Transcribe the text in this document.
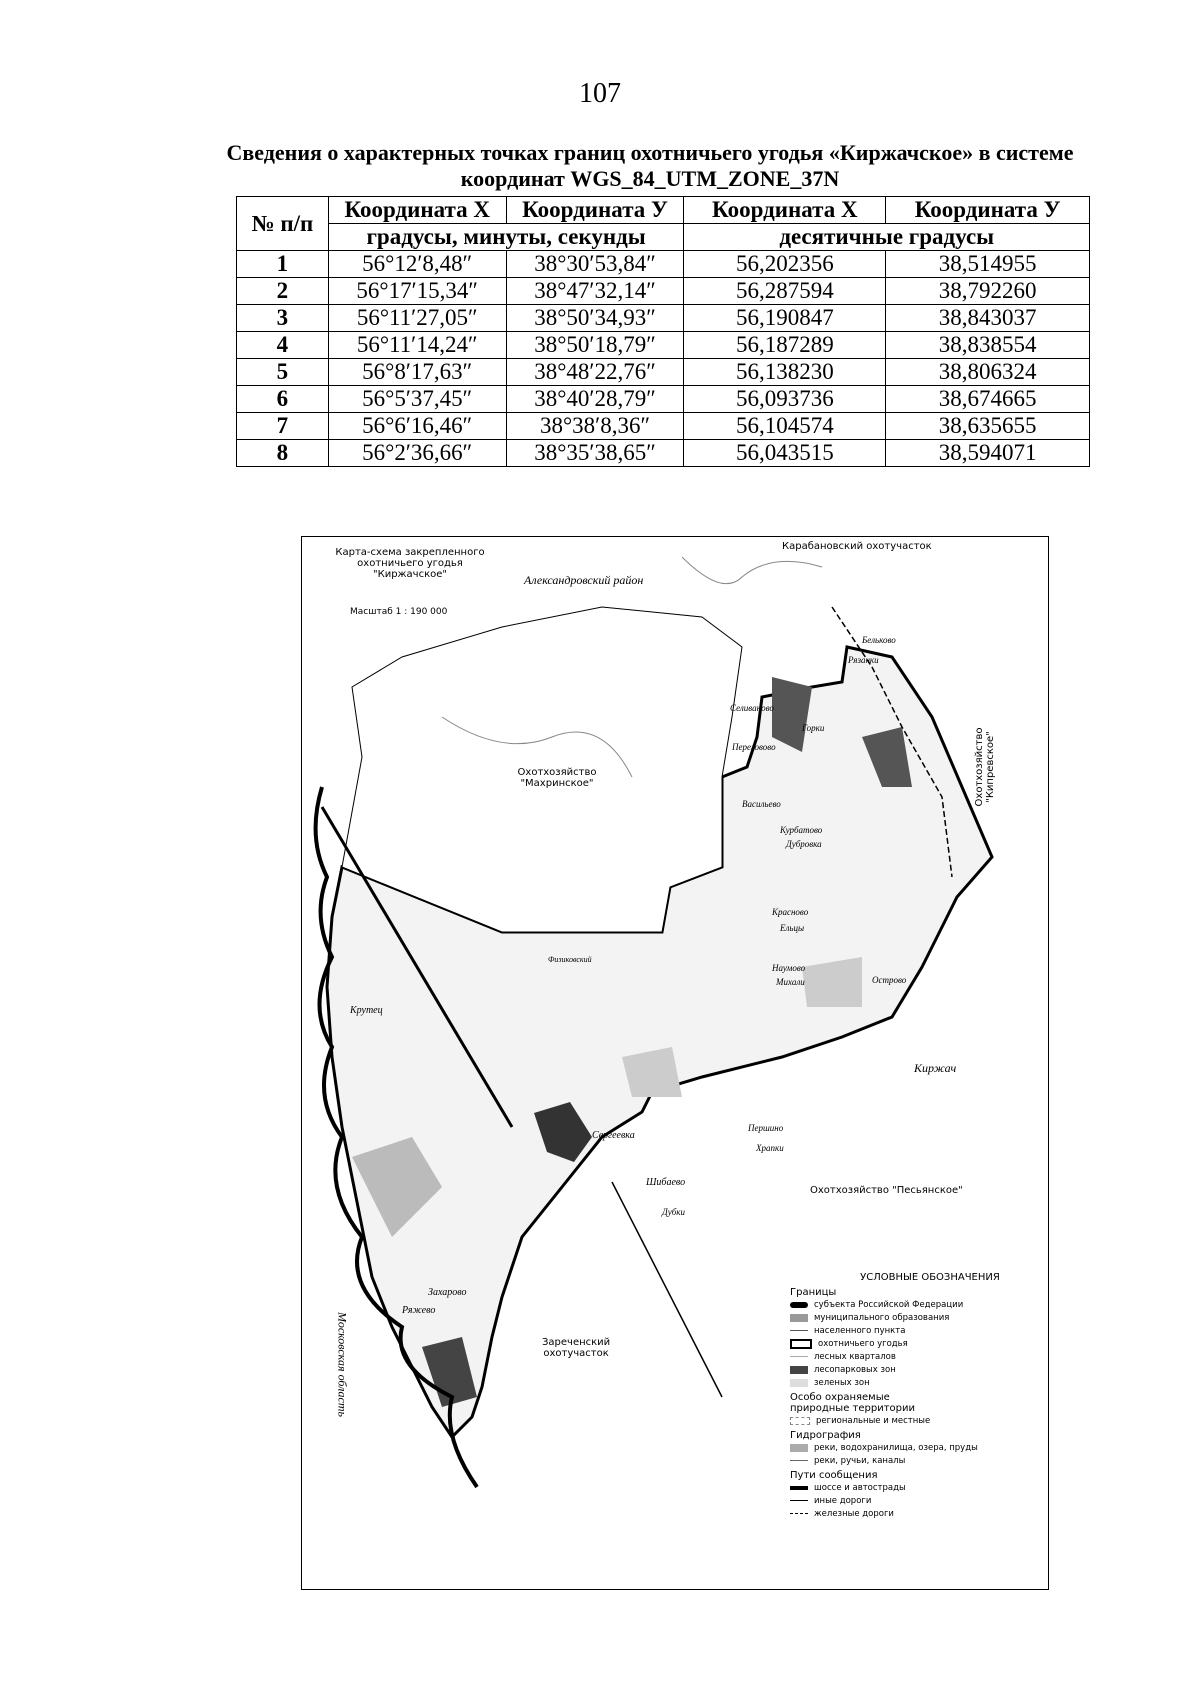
107
Сведения о характерных точках границ охотничьего угодья «Киржачское» в системе
координат WGS_84_UTM_ZONE_37N
№ п/п	Координата X	Координата У	Координата X	Координата У
	градусы, минуты, секунды		десятичные градусы	
1	56°12′8,48″	38°30′53,84″	56,202356	38,514955
2	56°17′15,34″	38°47′32,14″	56,287594	38,792260
3	56°11′27,05″	38°50′34,93″	56,190847	38,843037
4	56°11′14,24″	38°50′18,79″	56,187289	38,838554
5	56°8′17,63″	38°48′22,76″	56,138230	38,806324
6	56°5′37,45″	38°40′28,79″	56,093736	38,674665
7	56°6′16,46″	38°38′8,36″	56,104574	38,635655
8	56°2′36,66″	38°35′38,65″	56,043515	38,594071
Карта-схема закрепленного
охотничьего угодья
"Киржачское"
Масштаб 1 : 190 000
Карабановский охотучасток
Александровский район
Охотхозяйство
"Махринское"	Охотхозяйство "Кипревское"
Киржач
Охотхозяйство "Песьянское"
Зареченский
охотучасток
Московская область
Крутец
Сергеевка
Шибаево
Захарово
Ряжево
Бельково
Рязанки
Селиваново
Горки
Переговово
Васильево
Курбатово
Дубровка
Красново
Ельцы
Наумово
Михали	Острово
Першино
Храпки
Дубки
Физиковский
УСЛОВНЫЕ ОБОЗНАЧЕНИЯ
Границы
субъекта Российской Федерации
муниципального образования
населенного пункта
охотничьего угодья
лесных кварталов
лесопарковых зон
зеленых зон
Особо охраняемые
природные территории
региональные и местные
Гидрография
реки, водохранилища, озера, пруды
реки, ручьи, каналы
Пути сообщения
шоссе и автострады
иные дороги
железные дороги
